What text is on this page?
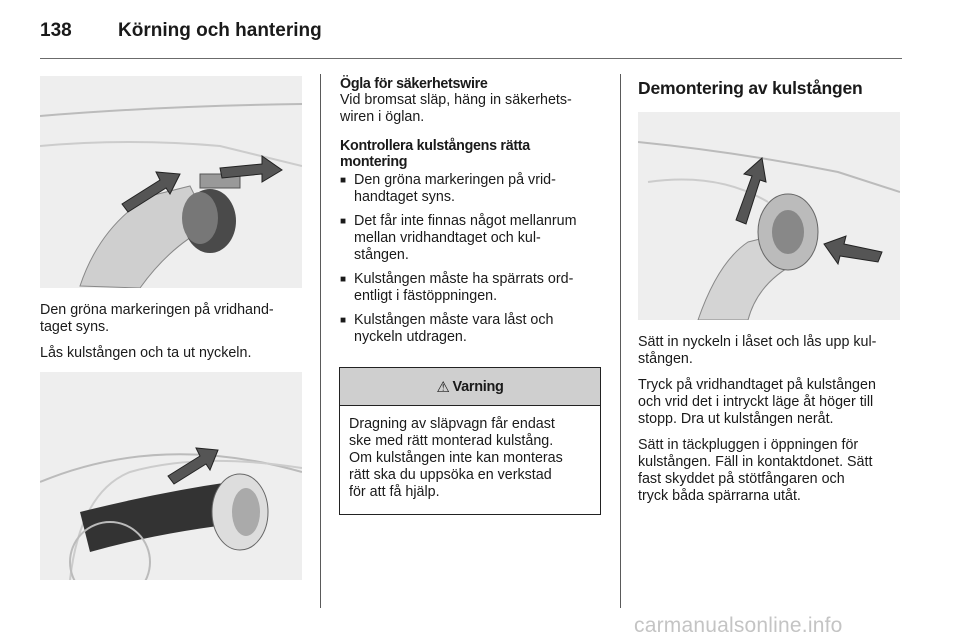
138	Körning och hantering

Den gröna markeringen på vridhand-
taget syns.

Lås kulstången och ta ut nyckeln.

Ögla för säkerhetswire

Vid bromsat släp, häng in säkerhets-
wiren i öglan.

Kontrollera kulstångens rätta
montering
■ Den gröna markeringen på vrid-
handtaget syns.
■ Det får inte finnas något mellanrum
mellan vridhandtaget och kul-
stången.
■ Kulstången måste ha spärrats ord-
entligt i fästöppningen.
■ Kulstången måste vara låst och
nyckeln utdragen.
⚠ Varning
Dragning av släpvagn får endast
ske med rätt monterad kulstång.
Om kulstången inte kan monteras
rätt ska du uppsöka en verkstad
för att få hjälp.
Demontering av kulstången

Sätt in nyckeln i låset och lås upp kul-
stången.

Tryck på vridhandtaget på kulstången
och vrid det i intryckt läge åt höger till
stopp. Dra ut kulstången neråt.

Sätt in täckpluggen i öppningen för
kulstången. Fäll in kontaktdonet. Sätt
fast skyddet på stötfångaren och
tryck båda spärrarna utåt.

carmanualsonline.info
